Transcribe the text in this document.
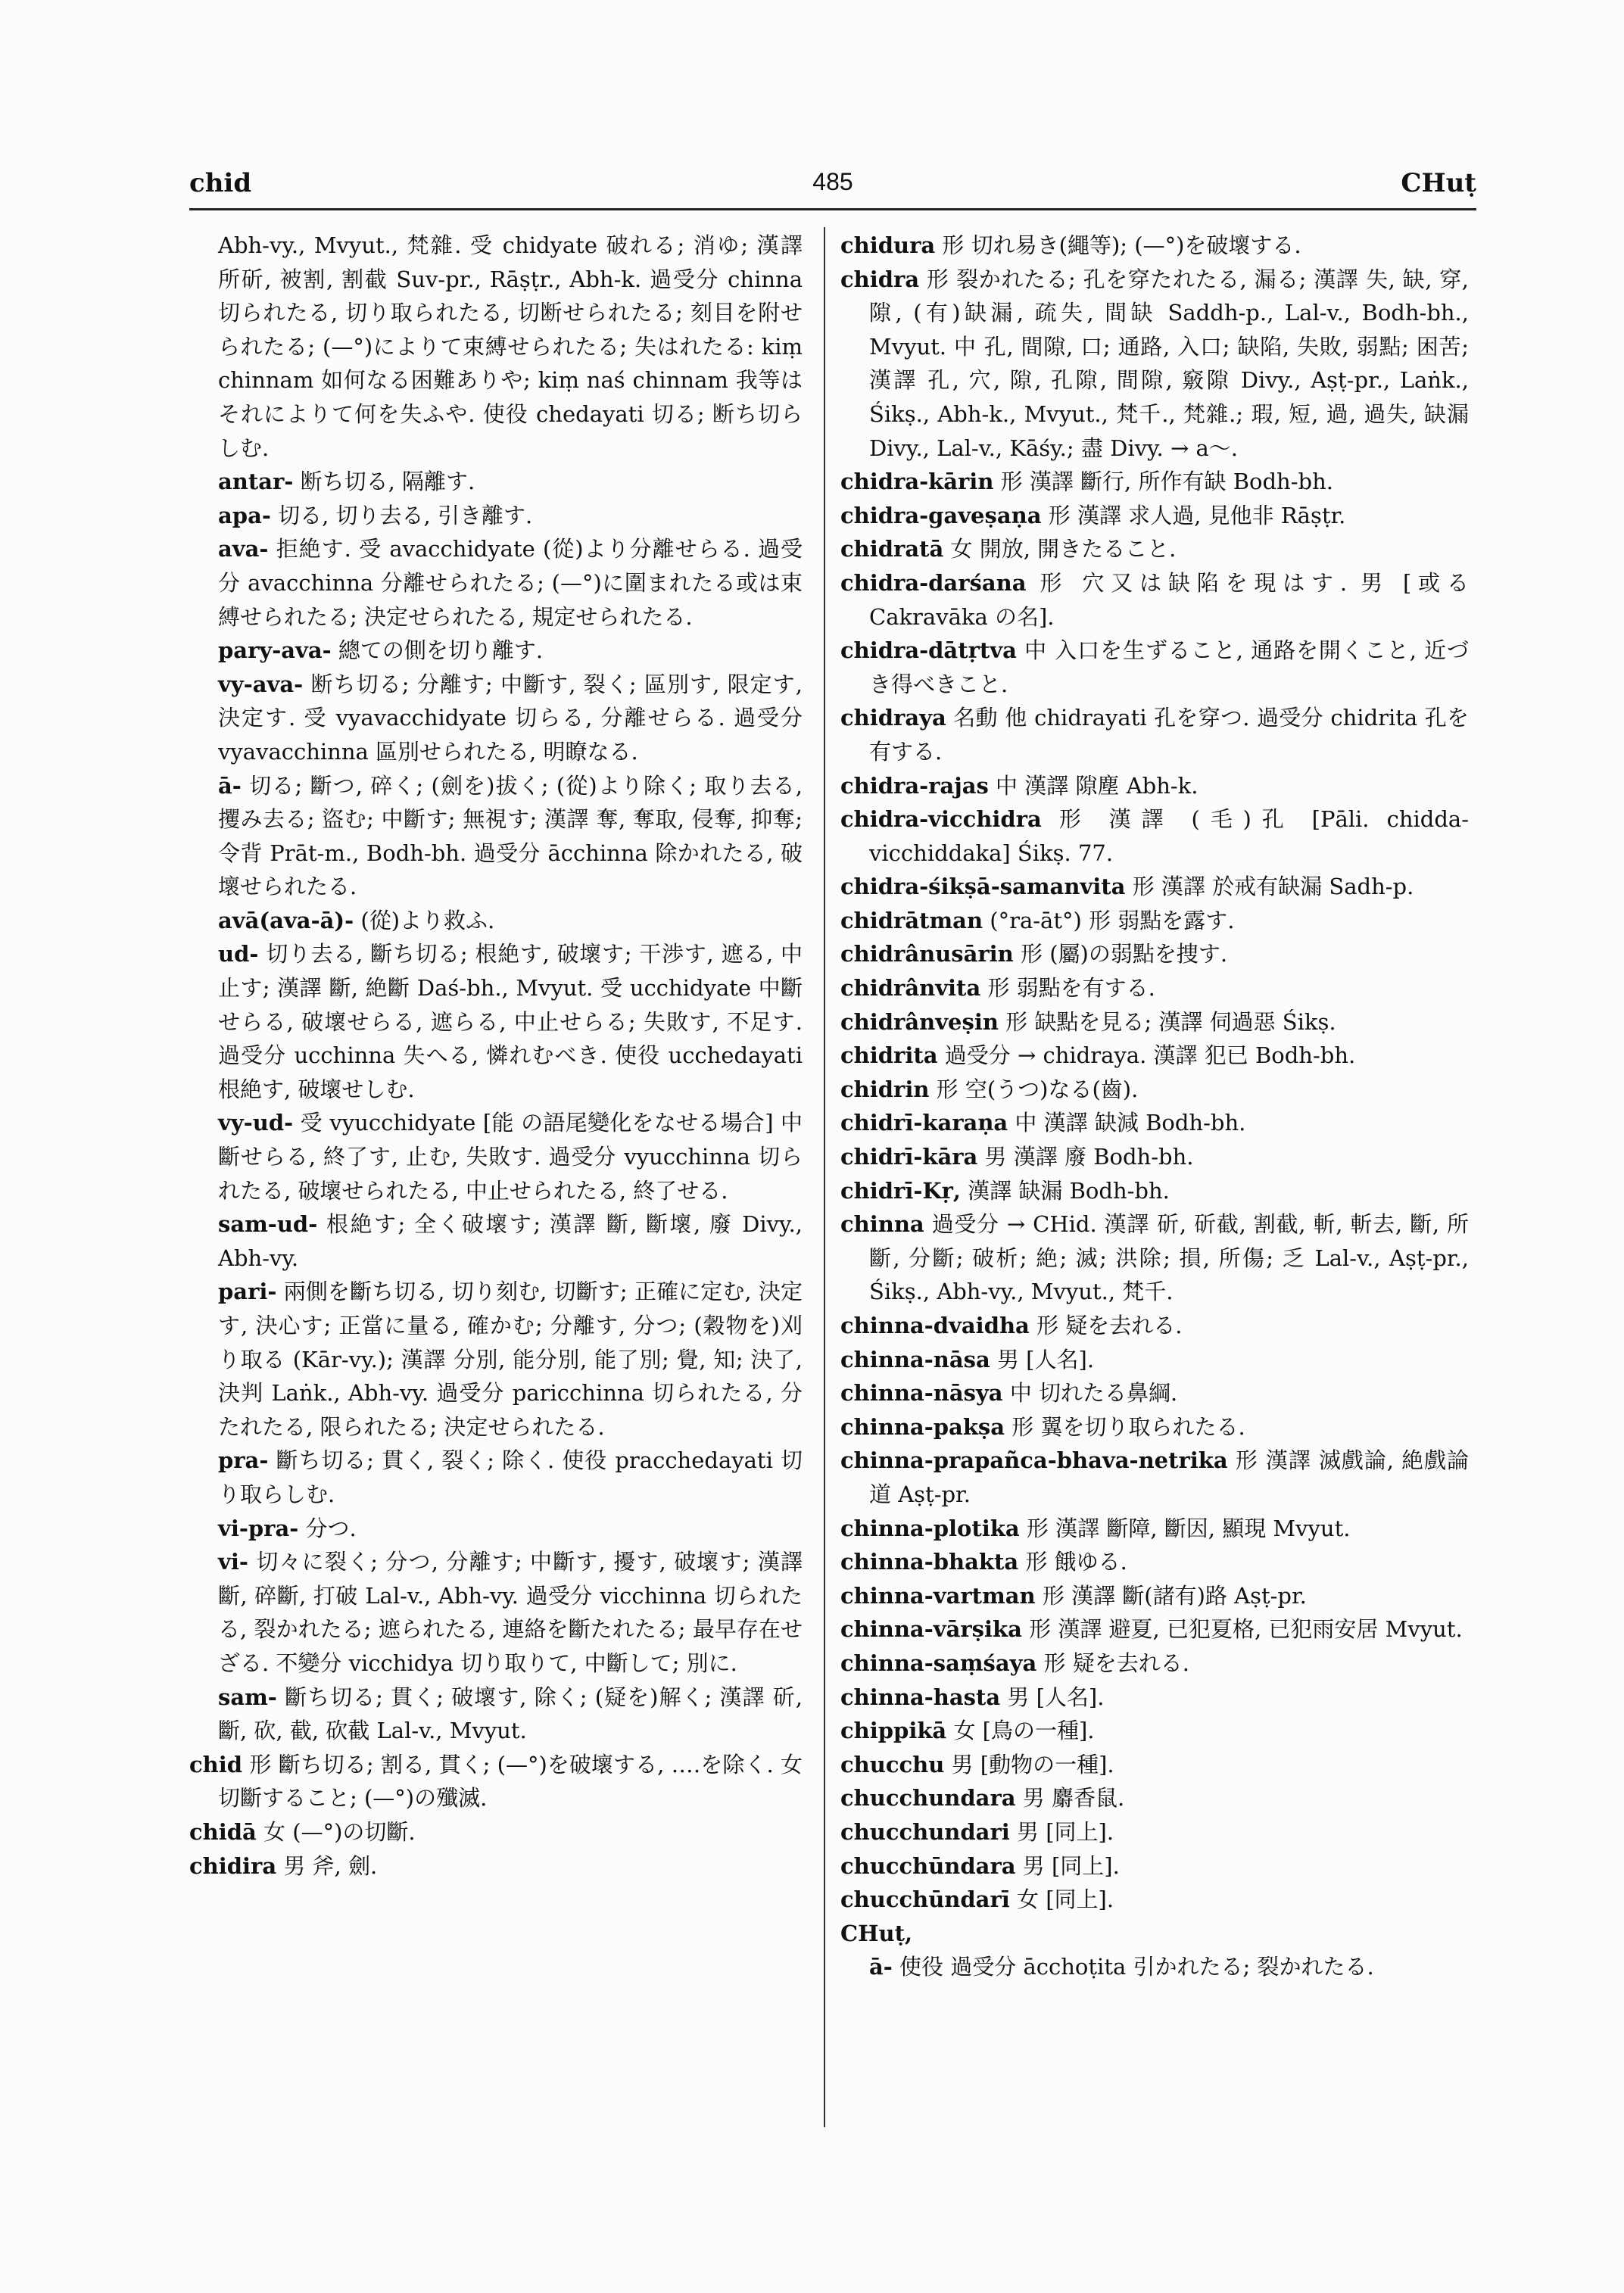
485
chid	CHuṭ

Abh-vy., Mvyut., 梵雜. 受 chidyate 破れる; 消ゆ; 漢譯 所斫, 被割, 割截 Suv-pr., Rāṣṭr., Abh-k. 過受分 chinna 切られたる, 切り取られたる, 切断せられたる; 刻目を附せられたる; (—°)によりて束縛せられたる; 失はれたる: kiṃ chinnam 如何なる困難ありや; kiṃ naś chinnam 我等はそれによりて何を失ふや. 使役 chedayati 切る; 断ち切らしむ.

antar- 断ち切る, 隔離す.

apa- 切る, 切り去る, 引き離す.

ava- 拒絶す. 受 avacchidyate (從)より分離せらる. 過受分 avacchinna 分離せられたる; (—°)に圍まれたる或は束縛せられたる; 決定せられたる, 規定せられたる.

pary-ava- 總ての側を切り離す.

vy-ava- 断ち切る; 分離す; 中斷す, 裂く; 區別す, 限定す, 決定す. 受 vyavacchidyate 切らる, 分離せらる. 過受分 vyavacchinna 區別せられたる, 明瞭なる.

ā- 切る; 斷つ, 碎く; (劍を)拔く; (從)より除く; 取り去る, 攫み去る; 盜む; 中斷す; 無視す; 漢譯 奪, 奪取, 侵奪, 抑奪; 令背 Prāt-m., Bodh-bh. 過受分 ācchinna 除かれたる, 破壞せられたる.

avā(ava-ā)- (從)より救ふ.

ud- 切り去る, 斷ち切る; 根絶す, 破壞す; 干渉す, 遮る, 中止す; 漢譯 斷, 絶斷 Daś-bh., Mvyut. 受 ucchidyate 中斷せらる, 破壞せらる, 遮らる, 中止せらる; 失敗す, 不足す. 過受分 ucchinna 失へる, 憐れむべき. 使役 ucchedayati 根絶す, 破壞せしむ.

vy-ud- 受 vyucchidyate [能 の語尾變化をなせる場合] 中斷せらる, 終了す, 止む, 失敗す. 過受分 vyucchinna 切られたる, 破壞せられたる, 中止せられたる, 終了せる.

sam-ud- 根絶す; 全く破壞す; 漢譯 斷, 斷壞, 廢 Divy., Abh-vy.

pari- 兩側を斷ち切る, 切り刻む, 切斷す; 正確に定む, 決定す, 決心す; 正當に量る, 確かむ; 分離す, 分つ; (穀物を)刈り取る (Kār-vy.); 漢譯 分別, 能分別, 能了別; 覺, 知; 決了, 決判 Laṅk., Abh-vy. 過受分 paricchinna 切られたる, 分たれたる, 限られたる; 決定せられたる.

pra- 斷ち切る; 貫く, 裂く; 除く. 使役 pracchedayati 切り取らしむ.

vi-pra- 分つ.

vi- 切々に裂く; 分つ, 分離す; 中斷す, 擾す, 破壞す; 漢譯 斷, 碎斷, 打破 Lal-v., Abh-vy. 過受分 vicchinna 切られたる, 裂かれたる; 遮られたる, 連絡を斷たれたる; 最早存在せざる. 不變分 vicchidya 切り取りて, 中斷して; 別に.

sam- 斷ち切る; 貫く; 破壞す, 除く; (疑を)解く; 漢譯 斫, 斷, 砍, 截, 砍截 Lal-v., Mvyut.

chid 形 斷ち切る; 割る, 貫く; (—°)を破壞する, ‥‥を除く. 女 切斷すること; (—°)の殲滅.

chidā 女 (—°)の切斷.

chidira 男 斧, 劍.

chidura 形 切れ易き(繩等); (—°)を破壞する.

chidra 形 裂かれたる; 孔を穿たれたる, 漏る; 漢譯 失, 缺, 穿, 隙, (有)缺漏, 疏失, 間缺 Saddh-p., Lal-v., Bodh-bh., Mvyut. 中 孔, 間隙, 口; 通路, 入口; 缺陷, 失敗, 弱點; 困苦; 漢譯 孔, 穴, 隙, 孔隙, 間隙, 竅隙 Divy., Aṣṭ-pr., Laṅk., Śikṣ., Abh-k., Mvyut., 梵千., 梵雜.; 瑕, 短, 過, 過失, 缺漏 Divy., Lal-v., Kāśy.; 盡 Divy. → a〜.

chidra-kārin 形 漢譯 斷行, 所作有缺 Bodh-bh.

chidra-gaveṣaṇa 形 漢譯 求人過, 見他非 Rāṣṭr.

chidratā 女 開放, 開きたること.

chidra-darśana 形 穴又は缺陷を現はす. 男 [或る Cakravāka の名].

chidra-dātṛtva 中 入口を生ずること, 通路を開くこと, 近づき得べきこと.

chidraya 名動 他 chidrayati 孔を穿つ. 過受分 chidrita 孔を有する.

chidra-rajas 中 漢譯 隙塵 Abh-k.

chidra-vicchidra 形 漢譯 (毛)孔 [Pāli. chidda-vicchiddaka] Śikṣ. 77.

chidra-śikṣā-samanvita 形 漢譯 於戒有缺漏 Sadh-p.

chidrātman (°ra-āt°) 形 弱點を露す.

chidrânusārin 形 (屬)の弱點を捜す.

chidrânvita 形 弱點を有する.

chidrânveṣin 形 缺點を見る; 漢譯 伺過惡 Śikṣ.

chidrita 過受分 → chidraya. 漢譯 犯已 Bodh-bh.

chidrin 形 空(うつ)なる(齒).

chidrī-karaṇa 中 漢譯 缺減 Bodh-bh.

chidrī-kāra 男 漢譯 廢 Bodh-bh.

chidrī-Kṛ, 漢譯 缺漏 Bodh-bh.

chinna 過受分 → CHid. 漢譯 斫, 斫截, 割截, 斬, 斬去, 斷, 所斷, 分斷; 破析; 絶; 滅; 洪除; 損, 所傷; 乏 Lal-v., Aṣṭ-pr., Śikṣ., Abh-vy., Mvyut., 梵千.

chinna-dvaidha 形 疑を去れる.

chinna-nāsa 男 [人名].

chinna-nāsya 中 切れたる鼻綱.

chinna-pakṣa 形 翼を切り取られたる.

chinna-prapañca-bhava-netrika 形 漢譯 滅戲論, 絶戲論道 Aṣṭ-pr.

chinna-plotika 形 漢譯 斷障, 斷因, 顯現 Mvyut.

chinna-bhakta 形 餓ゆる.

chinna-vartman 形 漢譯 斷(諸有)路 Aṣṭ-pr.

chinna-vārṣika 形 漢譯 避夏, 已犯夏格, 已犯雨安居 Mvyut.

chinna-saṃśaya 形 疑を去れる.

chinna-hasta 男 [人名].

chippikā 女 [鳥の一種].

chucchu 男 [動物の一種].

chucchundara 男 麝香鼠.

chucchundari 男 [同上].

chucchūndara 男 [同上].

chucchūndarī 女 [同上].

CHuṭ,

ā- 使役 過受分 ācchoṭita 引かれたる; 裂かれたる.
